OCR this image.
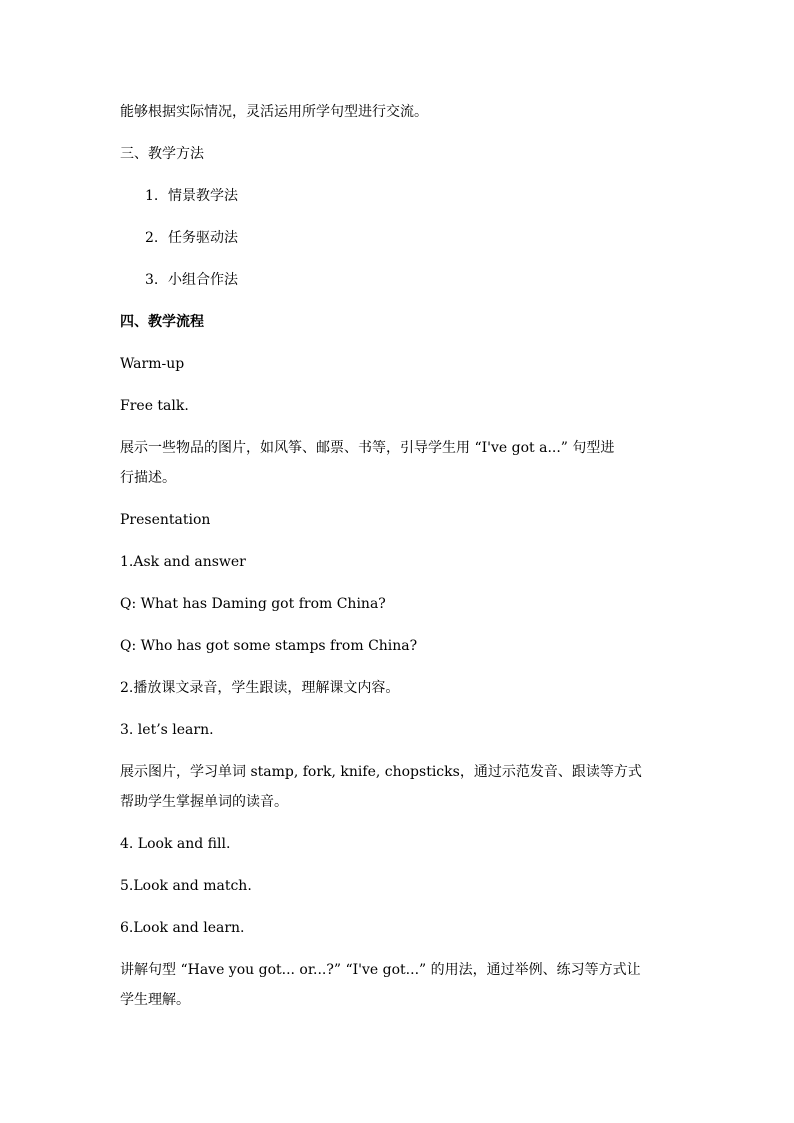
能够根据实际情况，灵活运用所学句型进行交流。
三、教学方法
1. 情景教学法
2. 任务驱动法
3. 小组合作法
四、教学流程
Warm-up
Free talk.
展示一些物品的图片，如风筝、邮票、书等，引导学生用 “I've got a...” 句型进
行描述。
Presentation
1.Ask and answer
Q: What has Daming got from China?
Q: Who has got some stamps from China?
2.播放课文录音，学生跟读，理解课文内容。
3. let’s learn.
展示图片，学习单词 stamp, fork, knife, chopsticks，通过示范发音、跟读等方式
帮助学生掌握单词的读音。
4. Look and fill.
5.Look and match.
6.Look and learn.
讲解句型 “Have you got... or...?” “I've got...” 的用法，通过举例、练习等方式让
学生理解。
